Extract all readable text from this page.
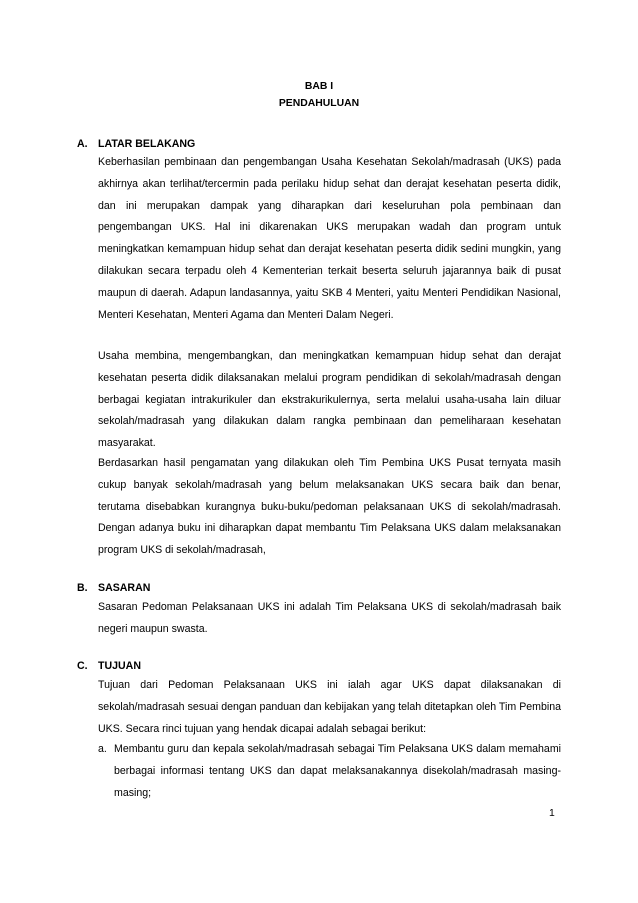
BAB I
PENDAHULUAN
A. LATAR BELAKANG

Keberhasilan pembinaan dan pengembangan Usaha Kesehatan Sekolah/madrasah (UKS) pada akhirnya akan terlihat/tercermin pada perilaku hidup sehat dan derajat kesehatan peserta didik, dan ini merupakan dampak yang diharapkan dari keseluruhan pola pembinaan dan pengembangan UKS. Hal ini dikarenakan UKS merupakan wadah dan program untuk meningkatkan kemampuan hidup sehat dan derajat kesehatan peserta didik sedini mungkin, yang dilakukan secara terpadu oleh 4 Kementerian terkait beserta seluruh jajarannya baik di pusat maupun di daerah. Adapun landasannya, yaitu SKB 4 Menteri, yaitu Menteri Pendidikan Nasional, Menteri Kesehatan, Menteri Agama dan Menteri Dalam Negeri.

Usaha membina, mengembangkan, dan meningkatkan kemampuan hidup sehat dan derajat kesehatan peserta didik dilaksanakan melalui program pendidikan di sekolah/madrasah dengan berbagai kegiatan intrakurikuler dan ekstrakurikulernya, serta melalui usaha-usaha lain diluar sekolah/madrasah yang dilakukan dalam rangka pembinaan dan pemeliharaan kesehatan masyarakat.

Berdasarkan hasil pengamatan yang dilakukan oleh Tim Pembina UKS Pusat ternyata masih cukup banyak sekolah/madrasah yang belum melaksanakan UKS secara baik dan benar, terutama disebabkan kurangnya buku-buku/pedoman pelaksanaan UKS di sekolah/madrasah. Dengan adanya buku ini diharapkan dapat membantu Tim Pelaksana UKS dalam melaksanakan program UKS di sekolah/madrasah,

B. SASARAN

Sasaran Pedoman Pelaksanaan UKS ini adalah Tim Pelaksana UKS di sekolah/madrasah baik negeri maupun swasta.

C. TUJUAN

Tujuan dari Pedoman Pelaksanaan UKS ini ialah agar UKS dapat dilaksanakan di sekolah/madrasah sesuai dengan panduan dan kebijakan yang telah ditetapkan oleh Tim Pembina UKS. Secara rinci tujuan yang hendak dicapai adalah sebagai berikut:

a. Membantu guru dan kepala sekolah/madrasah sebagai Tim Pelaksana UKS dalam memahami berbagai informasi tentang UKS dan dapat melaksanakannya disekolah/madrasah masing-masing;
1
